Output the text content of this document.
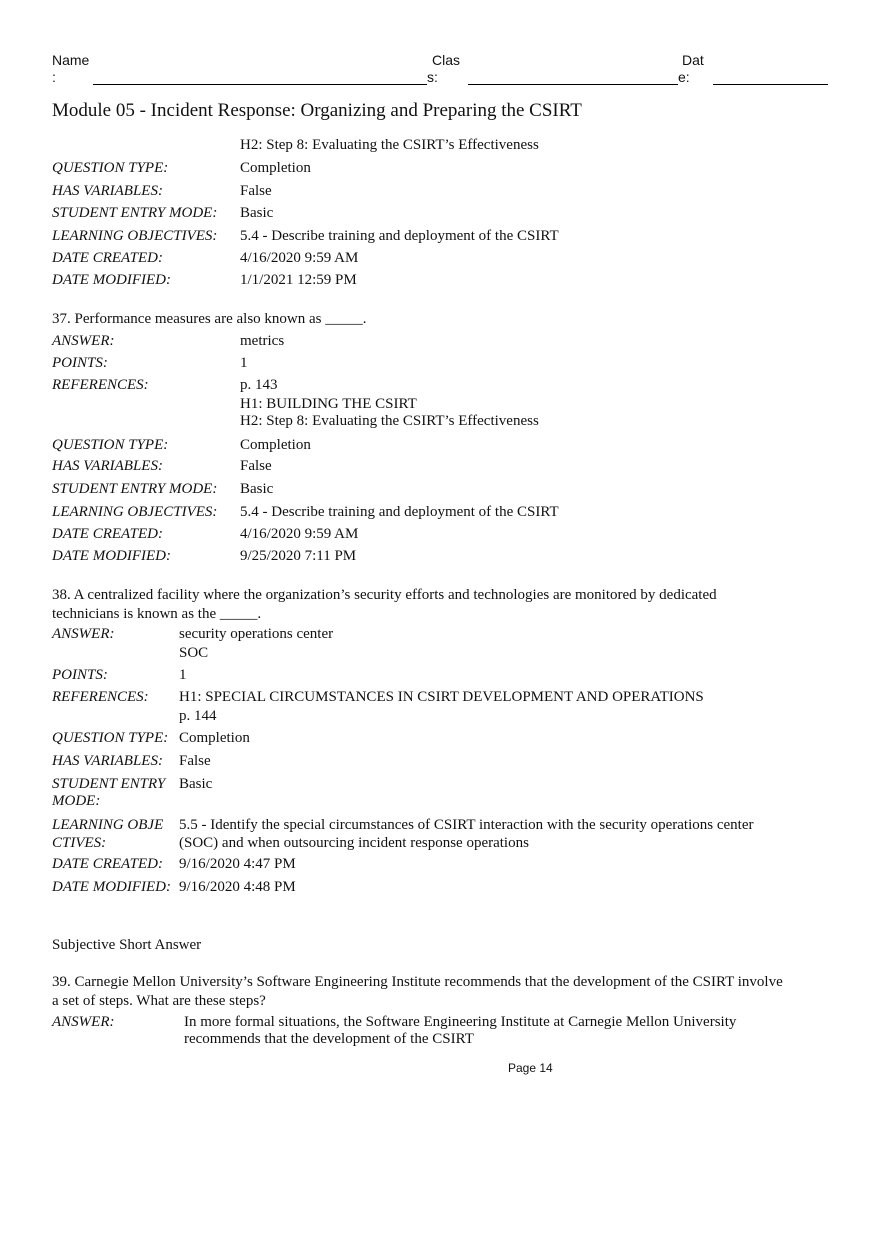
Name
:
Clas
s:
Dat
e:
Module 05 - Incident Response: Organizing and Preparing the CSIRT
H2: Step 8: Evaluating the CSIRT’s Effectiveness
QUESTION TYPE:	Completion
HAS VARIABLES:	False
STUDENT ENTRY MODE: Basic
LEARNING OBJECTIVES: 5.4 - Describe training and deployment of the CSIRT
DATE CREATED:	4/16/2020 9:59 AM
DATE MODIFIED:	1/1/2021 12:59 PM
37. Performance measures are also known as _____.
ANSWER:	metrics
POINTS:	1
REFERENCES:	p. 143
H1: BUILDING THE CSIRT
H2: Step 8: Evaluating the CSIRT’s Effectiveness
QUESTION TYPE:	Completion
HAS VARIABLES:	False
STUDENT ENTRY MODE: Basic
LEARNING OBJECTIVES: 5.4 - Describe training and deployment of the CSIRT
DATE CREATED:	4/16/2020 9:59 AM
DATE MODIFIED:	9/25/2020 7:11 PM
38. A centralized facility where the organization’s security efforts and technologies are monitored by dedicated
technicians is known as the _____.
ANSWER:	security operations center
SOC
POINTS:	1
REFERENCES: H1: SPECIAL CIRCUMSTANCES IN CSIRT DEVELOPMENT AND OPERATIONS
p. 144
QUESTION TYPE: Completion
HAS VARIABLES: False
STUDENT ENTRY
MODE:
Basic
LEARNING OBJE
CTIVES:
5.5 - Identify the special circumstances of CSIRT interaction with the security operations center
(SOC) and when outsourcing incident response operations
DATE CREATED: 9/16/2020 4:47 PM
DATE MODIFIED: 9/16/2020 4:48 PM
Subjective Short Answer
39. Carnegie Mellon University’s Software Engineering Institute recommends that the development of the CSIRT involve
a set of steps. What are these steps?
ANSWER:	In more formal situations, the Software Engineering Institute at Carnegie Mellon University
recommends that the development of the CSIRT
Page 14
